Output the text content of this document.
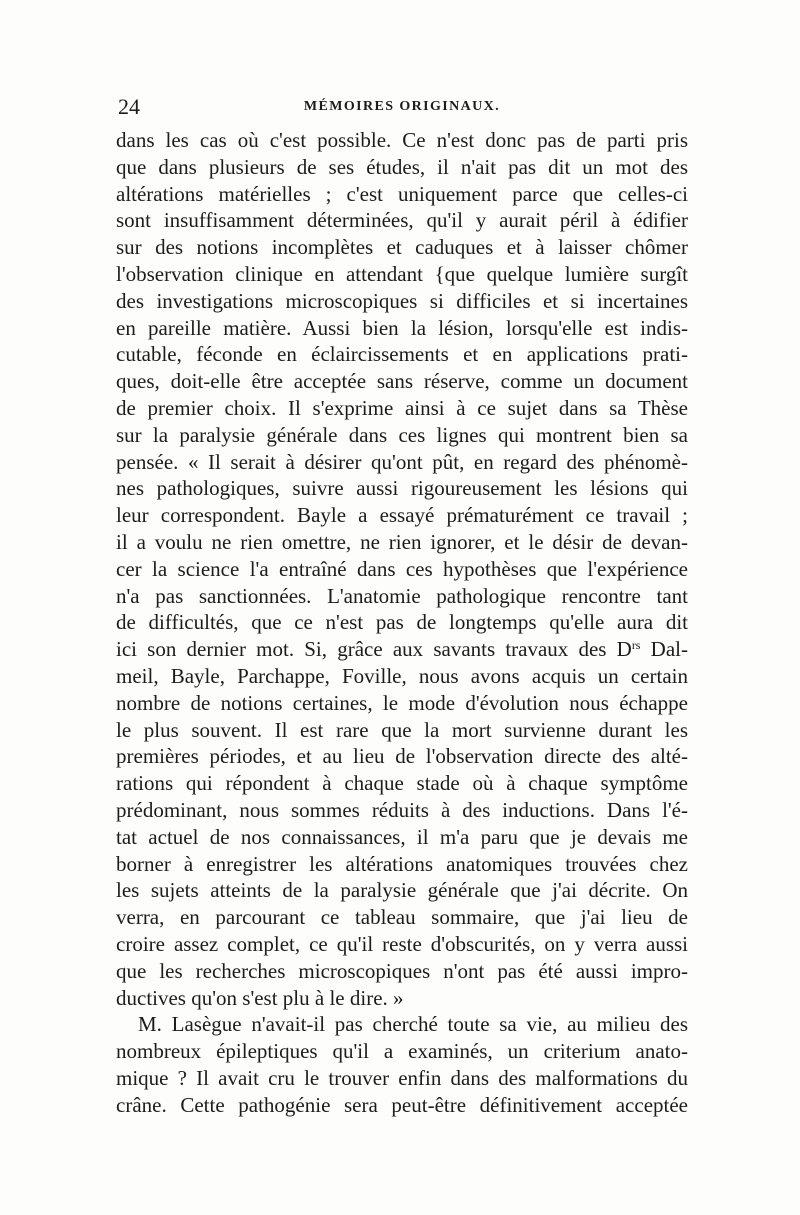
24	MÉMOIRES ORIGINAUX.
dans les cas où c'est possible. Ce n'est donc pas de parti pris
que dans plusieurs de ses études, il n'ait pas dit un mot des
altérations matérielles ; c'est uniquement parce que celles-ci
sont insuffisamment déterminées, qu'il y aurait péril à édifier
sur des notions incomplètes et caduques et à laisser chômer
l'observation clinique en attendant {que quelque lumière surgît
des investigations microscopiques si difficiles et si incertaines
en pareille matière. Aussi bien la lésion, lorsqu'elle est indis-
cutable, féconde en éclaircissements et en applications prati-
ques, doit-elle être acceptée sans réserve, comme un document
de premier choix. Il s'exprime ainsi à ce sujet dans sa Thèse
sur la paralysie générale dans ces lignes qui montrent bien sa
pensée. « Il serait à désirer qu'ont pût, en regard des phénomè-
nes pathologiques, suivre aussi rigoureusement les lésions qui
leur correspondent. Bayle a essayé prématurément ce travail ;
il a voulu ne rien omettre, ne rien ignorer, et le désir de devan-
cer la science l'a entraîné dans ces hypothèses que l'expérience
n'a pas sanctionnées. L'anatomie pathologique rencontre tant
de difficultés, que ce n'est pas de longtemps qu'elle aura dit
ici son dernier mot. Si, grâce aux savants travaux des $D^{rs}$ Dal-
meil, Bayle, Parchappe, Foville, nous avons acquis un certain
nombre de notions certaines, le mode d'évolution nous échappe
le plus souvent. Il est rare que la mort survienne durant les
premières périodes, et au lieu de l'observation directe des alté-
rations qui répondent à chaque stade où à chaque symptôme
prédominant, nous sommes réduits à des inductions. Dans l'é-
tat actuel de nos connaissances, il m'a paru que je devais me
borner à enregistrer les altérations anatomiques trouvées chez
les sujets atteints de la paralysie générale que j'ai décrite. On
verra, en parcourant ce tableau sommaire, que j'ai lieu de
croire assez complet, ce qu'il reste d'obscurités, on y verra aussi
que les recherches microscopiques n'ont pas été aussi impro-
ductives qu'on s'est plu à le dire. »
M. Lasègue n'avait-il pas cherché toute sa vie, au milieu des
nombreux épileptiques qu'il a examinés, un criterium anato-
mique ? Il avait cru le trouver enfin dans des malformations du
crâne. Cette pathogénie sera peut-être définitivement acceptée
